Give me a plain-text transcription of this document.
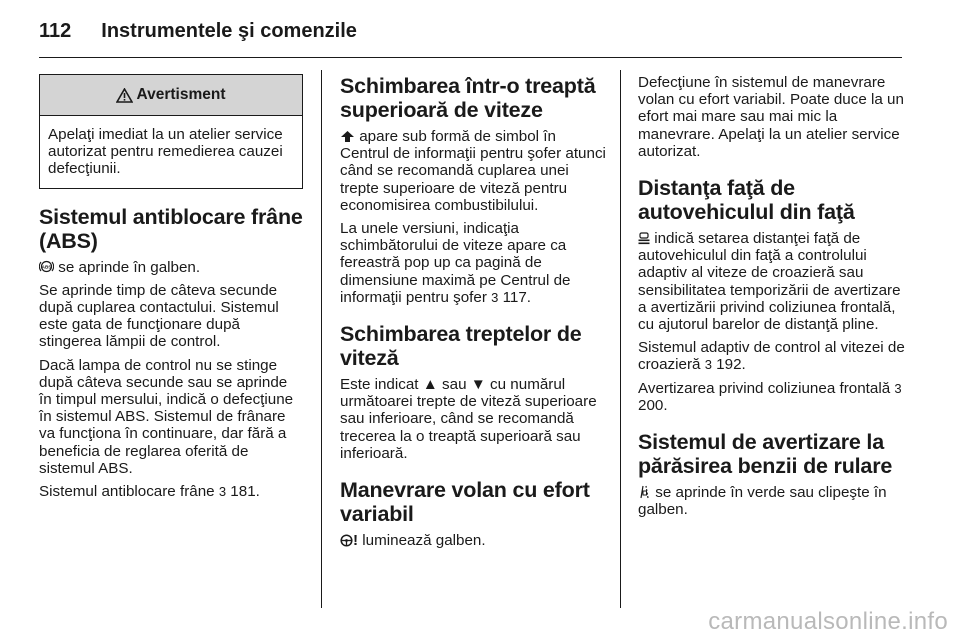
112 Instrumentele şi comenzile
Avertisment
Apelaţi imediat la un atelier service autorizat pentru remedierea cauzei defecţiunii.
Sistemul antiblocare frâne (ABS)

ABS se aprinde în galben.

Se aprinde timp de câteva secunde după cuplarea contactului. Sistemul este gata de funcţionare după stingerea lămpii de control.

Dacă lampa de control nu se stinge după câteva secunde sau se aprinde în timpul mersului, indică o defecţiune în sistemul ABS. Sistemul de frânare va funcţiona în continuare, dar fără a beneficia de reglarea oferită de sistemul ABS.

Sistemul antiblocare frâne 3 181.

Schimbarea într-o treaptă superioară de viteze

apare sub formă de simbol în Centrul de informaţii pentru şofer atunci când se recomandă cuplarea unei trepte superioare de viteză pentru economisirea combustibilului.

La unele versiuni, indicaţia schimbătorului de viteze apare ca fereastră pop up ca pagină de dimensiune maximă pe Centrul de informaţii pentru şofer 3 117.

Schimbarea treptelor de viteză

Este indicat ▲ sau ▼ cu numărul următoarei trepte de viteză superioare sau inferioare, când se recomandă trecerea la o treaptă superioară sau inferioară.

Manevrare volan cu efort variabil

! luminează galben.

Defecţiune în sistemul de manevrare volan cu efort variabil. Poate duce la un efort mai mare sau mai mic la manevrare. Apelaţi la un atelier service autorizat.

Distanţa faţă de autovehiculul din faţă

indică setarea distanţei faţă de autovehiculul din faţă a controlului adaptiv al viteze de croazieră sau sensibilitatea temporizării de avertizare a avertizării privind coliziunea frontală, cu ajutorul barelor de distanţă pline.

Sistemul adaptiv de control al vitezei de croazieră 3 192.

Avertizarea privind coliziunea frontală 3 200.

Sistemul de avertizare la părăsirea benzii de rulare

se aprinde în verde sau clipeşte în galben.

carmanualsonline.info
